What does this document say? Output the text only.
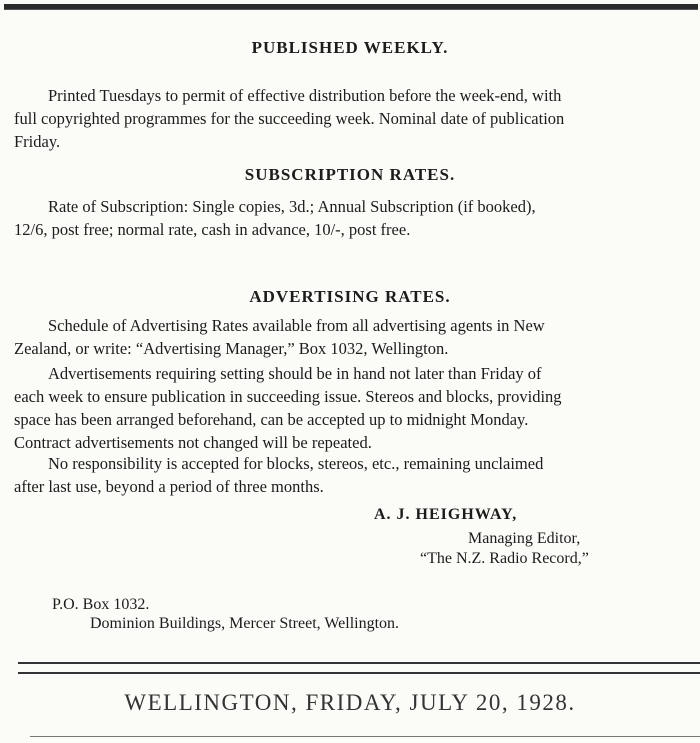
PUBLISHED WEEKLY.
Printed Tuesdays to permit of effective distribution before the week-end, with
full copyrighted programmes for the succeeding week. Nominal date of publication
Friday.
SUBSCRIPTION RATES.
Rate of Subscription: Single copies, 3d.; Annual Subscription (if booked),
12/6, post free; normal rate, cash in advance, 10/-, post free.
ADVERTISING RATES.
Schedule of Advertising Rates available from all advertising agents in New
Zealand, or write: “Advertising Manager,” Box 1032, Wellington.
Advertisements requiring setting should be in hand not later than Friday of
each week to ensure publication in succeeding issue. Stereos and blocks, providing
space has been arranged beforehand, can be accepted up to midnight Monday.
Contract advertisements not changed will be repeated.
No responsibility is accepted for blocks, stereos, etc., remaining unclaimed
after last use, beyond a period of three months.
A. J. HEIGHWAY,
Managing Editor,
“The N.Z. Radio Record,”
P.O. Box 1032.
Dominion Buildings, Mercer Street, Wellington.
WELLINGTON, FRIDAY, JULY 20, 1928.
